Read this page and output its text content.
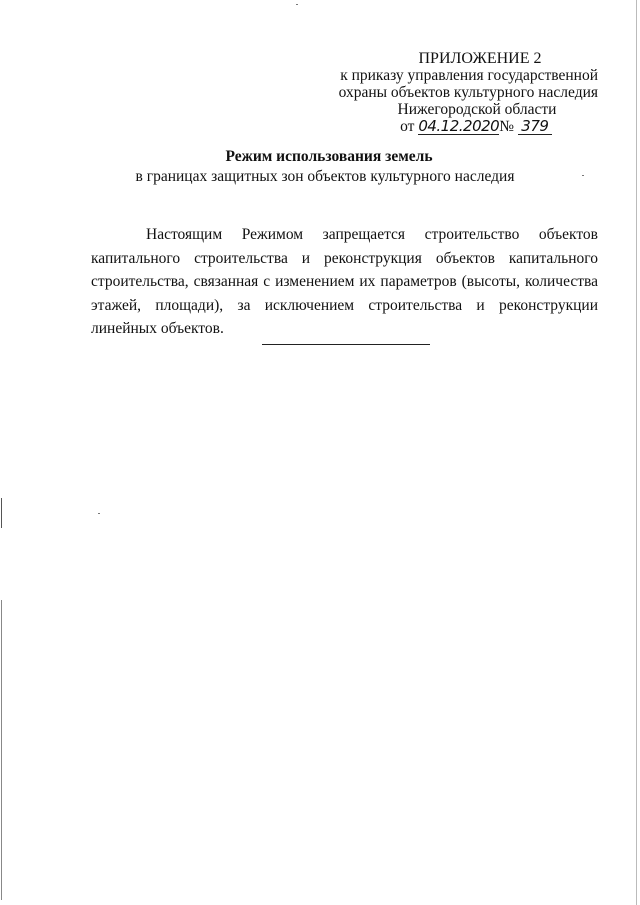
ПРИЛОЖЕНИЕ 2
к приказу управления государственной
охраны объектов культурного наследия
Нижегородской области
от 04.12.2020№ 379
Режим использования земель
в границах защитных зон объектов культурного наследия

Настоящим Режимом запрещается строительство объектов капитального строительства и реконструкция объектов капитального строительства, связанная с изменением их параметров (высоты, количества этажей, площади), за исключением строительства и реконструкции линейных объектов.
